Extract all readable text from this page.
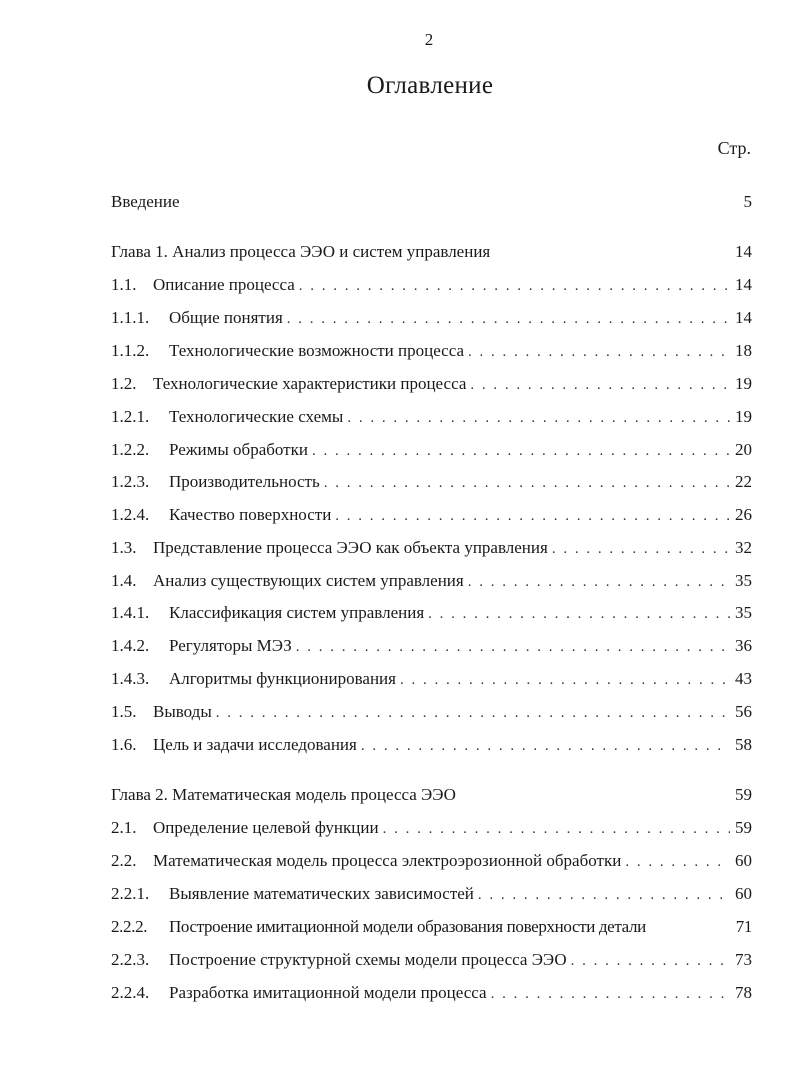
2
Оглавление
Стр.
Введение	5
Глава 1. Анализ процесса ЭЭО и систем управления	14
1.1. Описание процесса . . .	14
1.1.1.	Общие понятия . . .	14
1.1.2.	Технологические возможности процесса . . .	18
1.2. Технологические характеристики процесса . . .	19
1.2.1.	Технологические схемы . . .	19
1.2.2.	Режимы обработки . . .	20
1.2.3.	Производительность . . .	22
1.2.4.	Качество поверхности . . .	26
1.3. Представление процесса ЭЭО как объекта управления . . .	32
1.4. Анализ существующих систем управления . . .	35
1.4.1.	Классификация систем управления . . .	35
1.4.2.	Регуляторы МЭЗ . . .	36
1.4.3.	Алгоритмы функционирования . . .	43
1.5. Выводы . . .	56
1.6. Цель и задачи исследования . . .	58
Глава 2. Математическая модель процесса ЭЭО	59
2.1. Определение целевой функции . . .	59
2.2. Математическая модель процесса электроэрозионной обработки . . .	60
2.2.1.	Выявление математических зависимостей . . .	60
2.2.2.	Построение имитационной модели образования поверхности детали	71
2.2.3.	Построение структурной схемы модели процесса ЭЭО . . .	73
2.2.4.	Разработка имитационной модели процесса . . .	78
